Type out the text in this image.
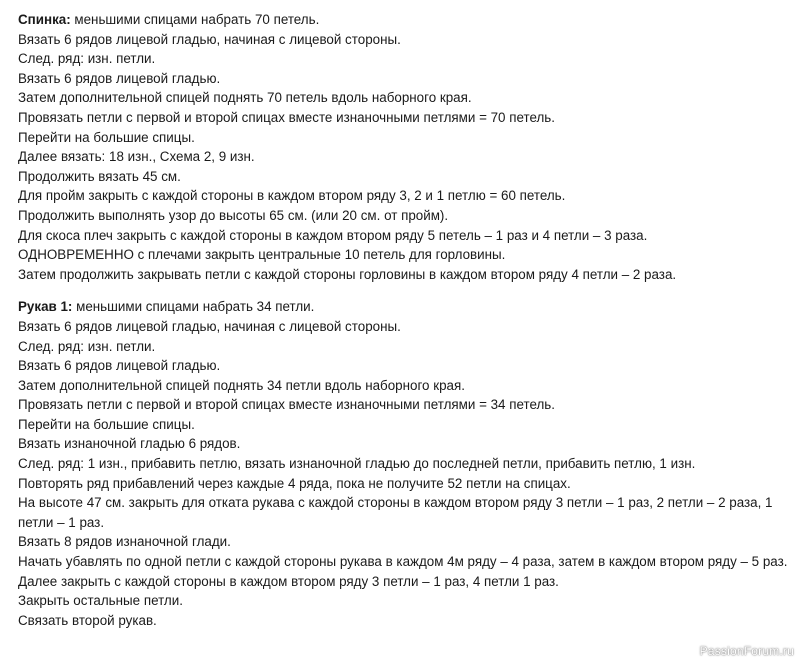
Спинка: меньшими спицами набрать 70 петель.
Вязать 6 рядов лицевой гладью, начиная с лицевой стороны.
След. ряд: изн. петли.
Вязать 6 рядов лицевой гладью.
Затем дополнительной спицей поднять 70 петель вдоль наборного края.
Провязать петли с первой и второй спицах вместе изнаночными петлями = 70 петель.
Перейти на большие спицы.
Далее вязать: 18 изн., Схема 2, 9 изн.
Продолжить вязать 45 см.
Для пройм закрыть с каждой стороны в каждом втором ряду 3, 2 и 1 петлю = 60 петель.
Продолжить выполнять узор до высоты 65 см. (или 20 см. от пройм).
Для скоса плеч закрыть с каждой стороны в каждом втором ряду 5 петель – 1 раз и 4 петли – 3 раза.
ОДНОВРЕМЕННО с плечами закрыть центральные 10 петель для горловины.
Затем продолжить закрывать петли с каждой стороны горловины в каждом втором ряду 4 петли – 2 раза.
Рукав 1: меньшими спицами набрать 34 петли.
Вязать 6 рядов лицевой гладью, начиная с лицевой стороны.
След. ряд: изн. петли.
Вязать 6 рядов лицевой гладью.
Затем дополнительной спицей поднять 34 петли вдоль наборного края.
Провязать петли с первой и второй спицах вместе изнаночными петлями = 34 петель.
Перейти на большие спицы.
Вязать изнаночной гладью 6 рядов.
След. ряд: 1 изн., прибавить петлю, вязать изнаночной гладью до последней петли, прибавить петлю, 1 изн.
Повторять ряд прибавлений через каждые 4 ряда, пока не получите 52 петли на спицах.
На высоте 47 см. закрыть для отката рукава с каждой стороны в каждом втором ряду 3 петли – 1 раз, 2 петли – 2 раза, 1 петли – 1 раз.
Вязать 8 рядов изнаночной глади.
Начать убавлять по одной петли с каждой стороны рукава в каждом 4м ряду – 4 раза, затем в каждом втором ряду – 5 раз.
Далее закрыть с каждой стороны в каждом втором ряду 3 петли – 1 раз, 4 петли 1 раз.
Закрыть остальные петли.
Связать второй рукав.
PassionForum.ru
